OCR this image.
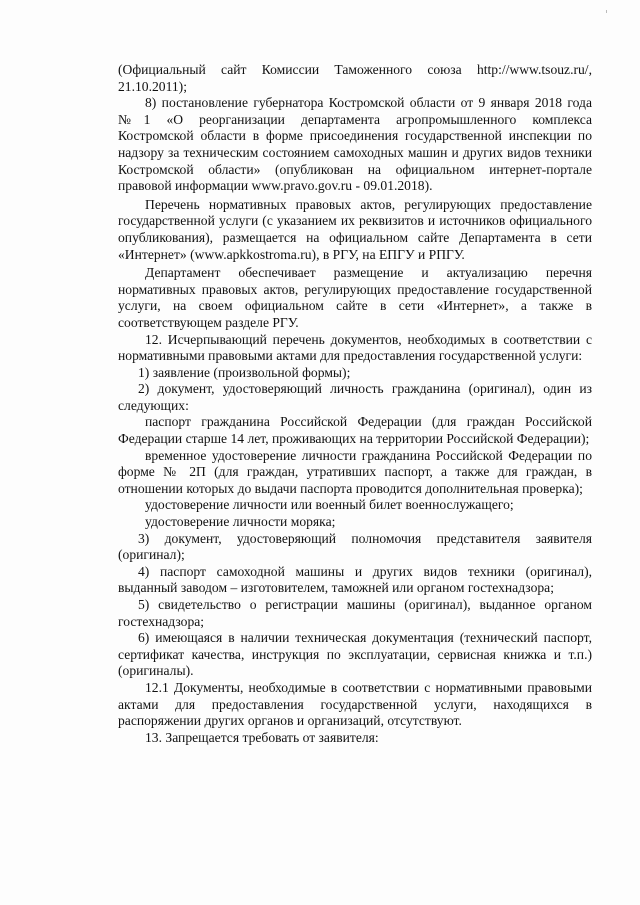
(Официальный сайт Комиссии Таможенного союза http://www.tsouz.ru/, 21.10.2011);

8) постановление губернатора Костромской области от 9 января 2018 года №1 «О реорганизации департамента агропромышленного комплекса Костромской области в форме присоединения государственной инспекции по надзору за техническим состоянием самоходных машин и других видов техники Костромской области» (опубликован на официальном интернет-портале правовой информации www.pravo.gov.ru - 09.01.2018).

Перечень нормативных правовых актов, регулирующих предоставление государственной услуги (с указанием их реквизитов и источников официального опубликования), размещается на официальном сайте Департамента в сети «Интернет» (www.apkkostroma.ru), в РГУ, на ЕПГУ и РПГУ.

Департамент обеспечивает размещение и актуализацию перечня нормативных правовых актов, регулирующих предоставление государственной услуги, на своем официальном сайте в сети «Интернет», а также в соответствующем разделе РГУ.

12. Исчерпывающий перечень документов, необходимых в соответствии с нормативными правовыми актами для предоставления государственной услуги:

1) заявление (произвольной формы);

2) документ, удостоверяющий личность гражданина (оригинал), один из следующих:

паспорт гражданина Российской Федерации (для граждан Российской Федерации старше 14 лет, проживающих на территории Российской Федерации);

временное удостоверение личности гражданина Российской Федерации по форме № 2П (для граждан, утративших паспорт, а также для граждан, в отношении которых до выдачи паспорта проводится дополнительная проверка);

удостоверение личности или военный билет военнослужащего;

удостоверение личности моряка;

3) документ, удостоверяющий полномочия представителя заявителя (оригинал);

4) паспорт самоходной машины и других видов техники (оригинал), выданный заводом – изготовителем, таможней или органом гостехнадзора;

5) свидетельство о регистрации машины (оригинал), выданное органом гостехнадзора;

6) имеющаяся в наличии техническая документация (технический паспорт, сертификат качества, инструкция по эксплуатации, сервисная книжка и т.п.) (оригиналы).

12.1 Документы, необходимые в соответствии с нормативными правовыми актами для предоставления государственной услуги, находящихся в распоряжении других органов и организаций, отсутствуют.

13. Запрещается требовать от заявителя:
